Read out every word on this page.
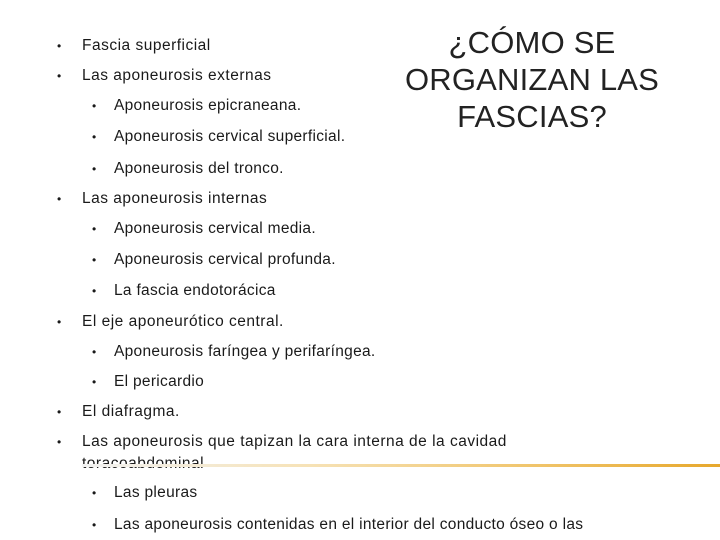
¿CÓMO SE ORGANIZAN LAS FASCIAS?
• Fascia superficial
• Las aponeurosis externas
• Aponeurosis epicraneana.
• Aponeurosis cervical superficial.
• Aponeurosis del tronco.
• Las aponeurosis internas
• Aponeurosis cervical media.
• Aponeurosis cervical profunda.
• La fascia endotorácica
• El eje aponeurótico central.
• Aponeurosis faríngea y perifaríngea.
• El pericardio
• El diafragma.
• Las aponeurosis que tapizan la cara interna de la cavidad
• Las pleuras
• Las aponeurosis contenidas en el interior del conducto óseo o las
